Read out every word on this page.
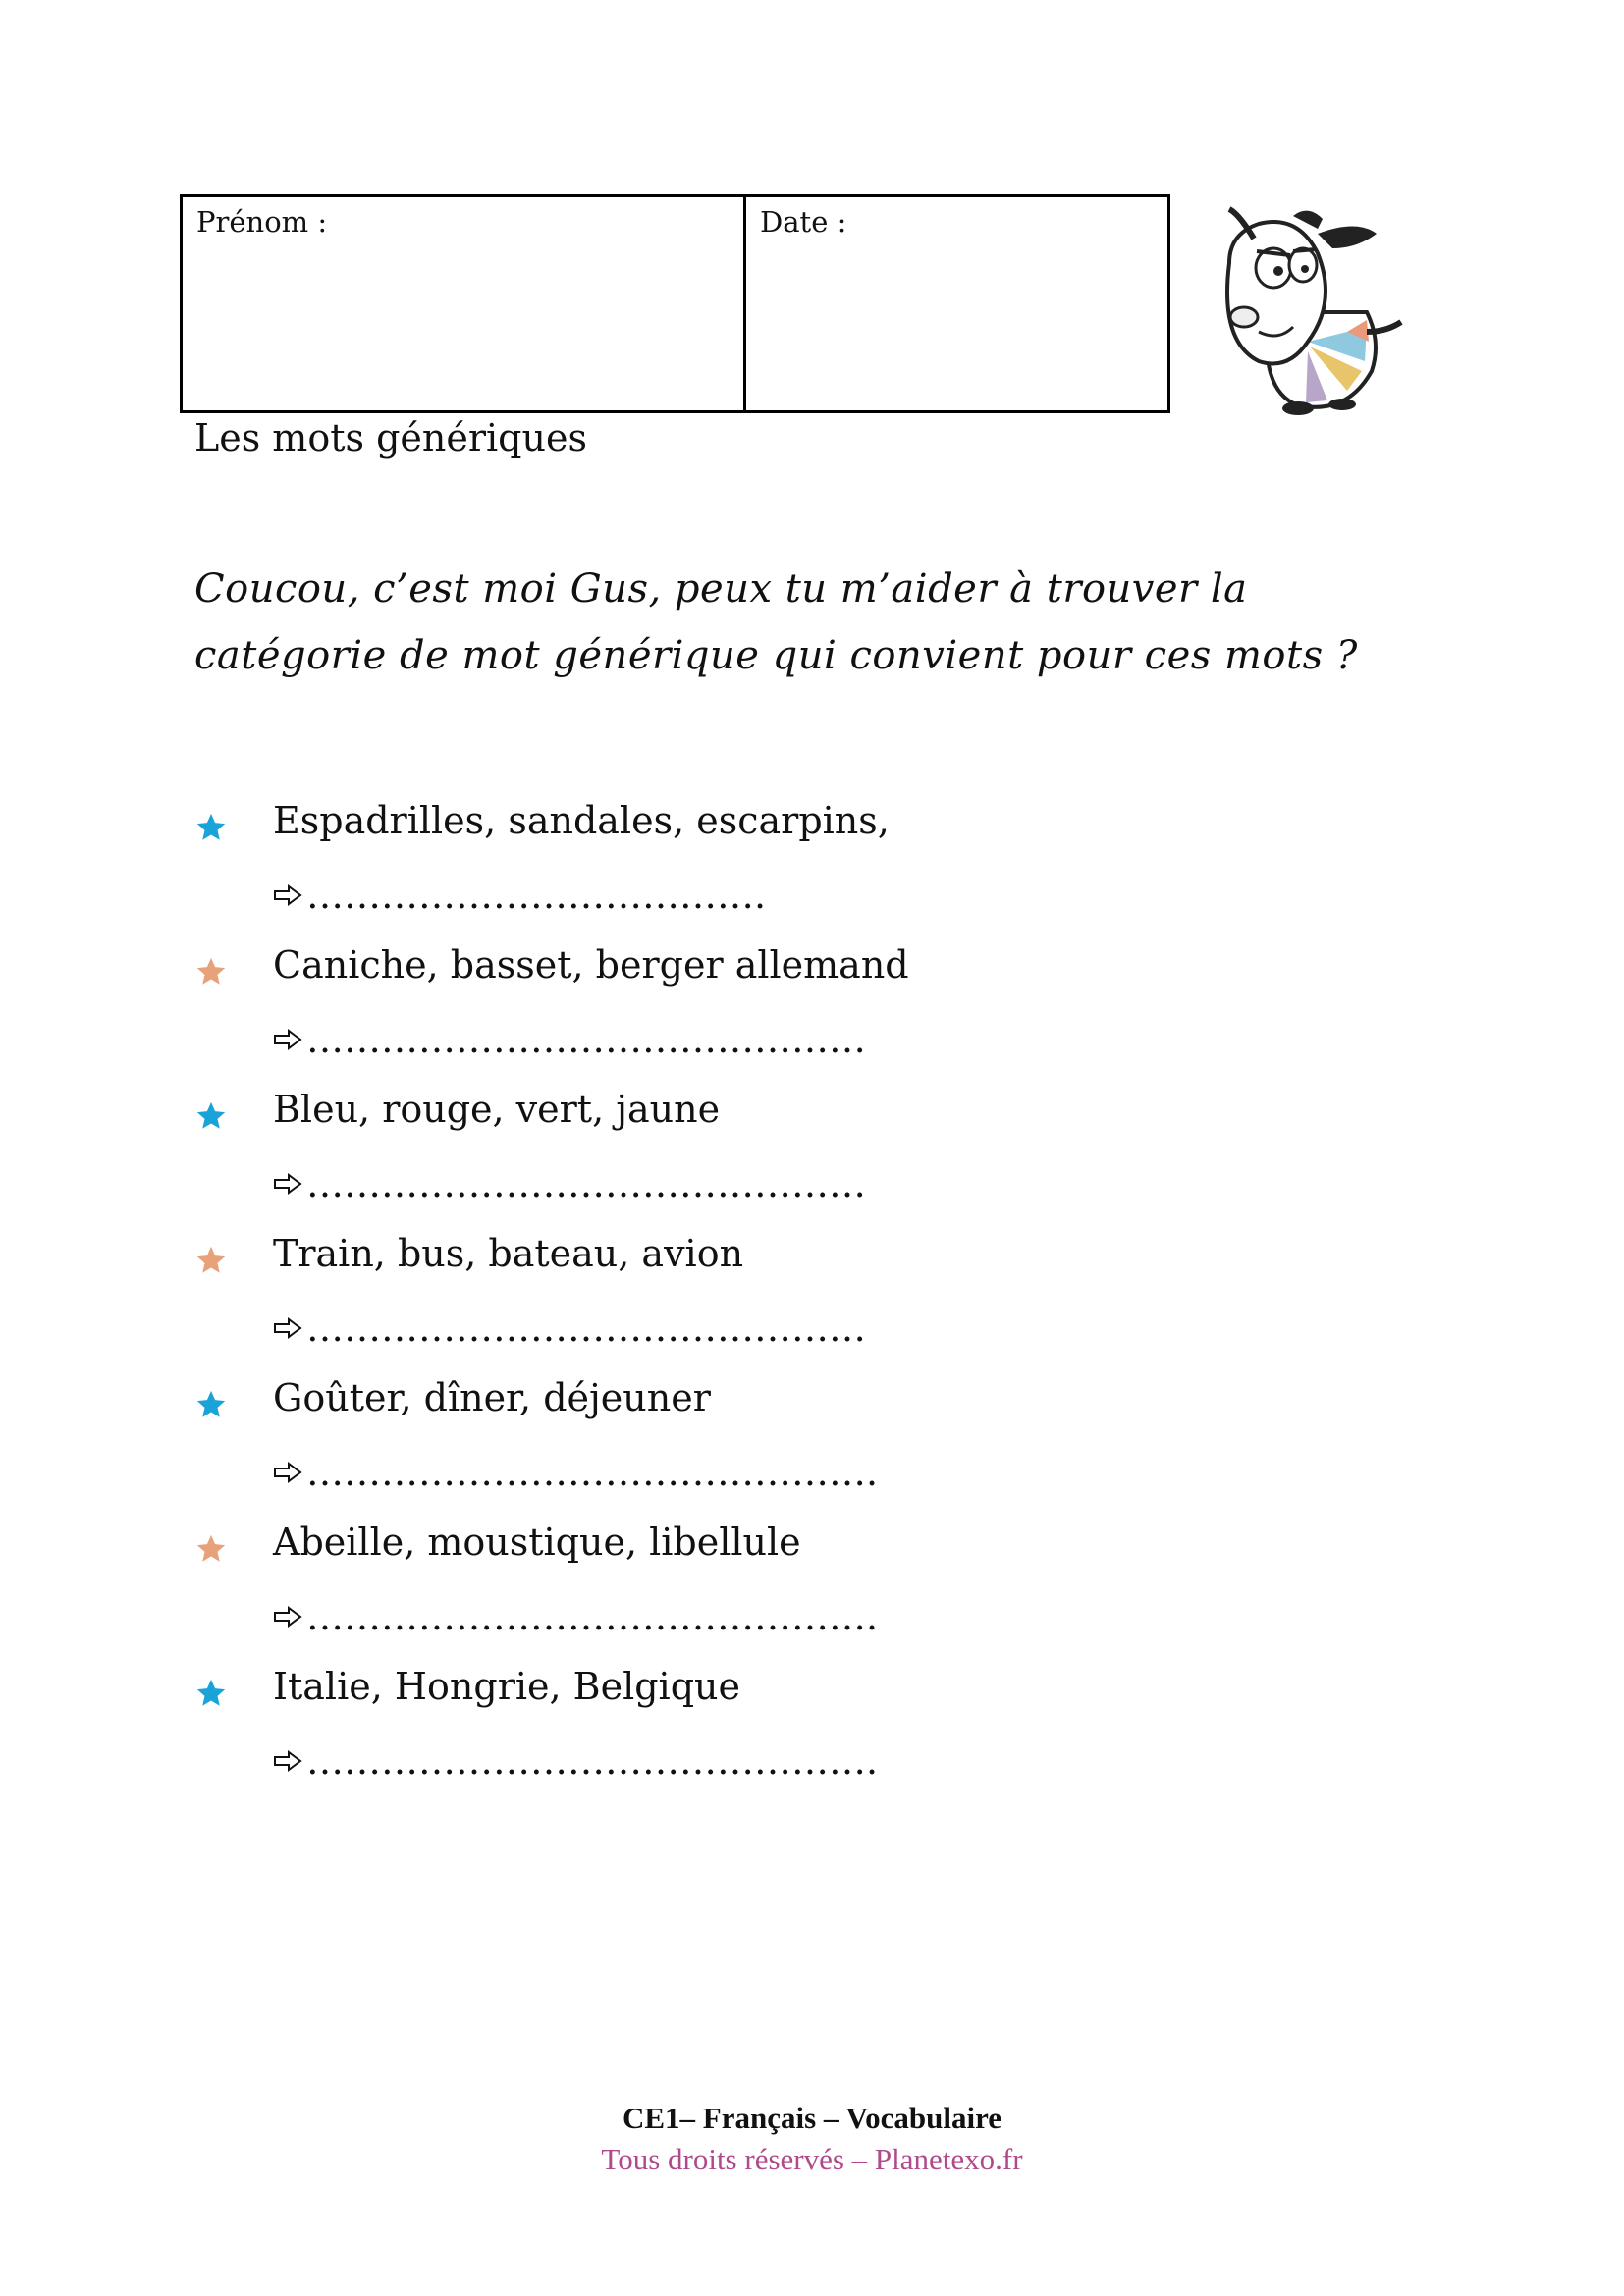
Prénom :	Date :
Les mots génériques
Coucou, c’est moi Gus, peux tu m’aider à trouver la
catégorie de mot générique qui convient pour ces mots ?
Espadrilles, sandales, escarpins,
……………………………….
Caniche, basset, berger allemand
………………………………………
Bleu, rouge, vert, jaune
………………………………………
Train, bus, bateau, avion
………………………………………
Goûter, dîner, déjeuner
……………………………………….
Abeille, moustique, libellule
……………………………………….
Italie, Hongrie, Belgique
……………………………………….
CE1– Français – Vocabulaire
Tous droits réservés – Planetexo.fr
